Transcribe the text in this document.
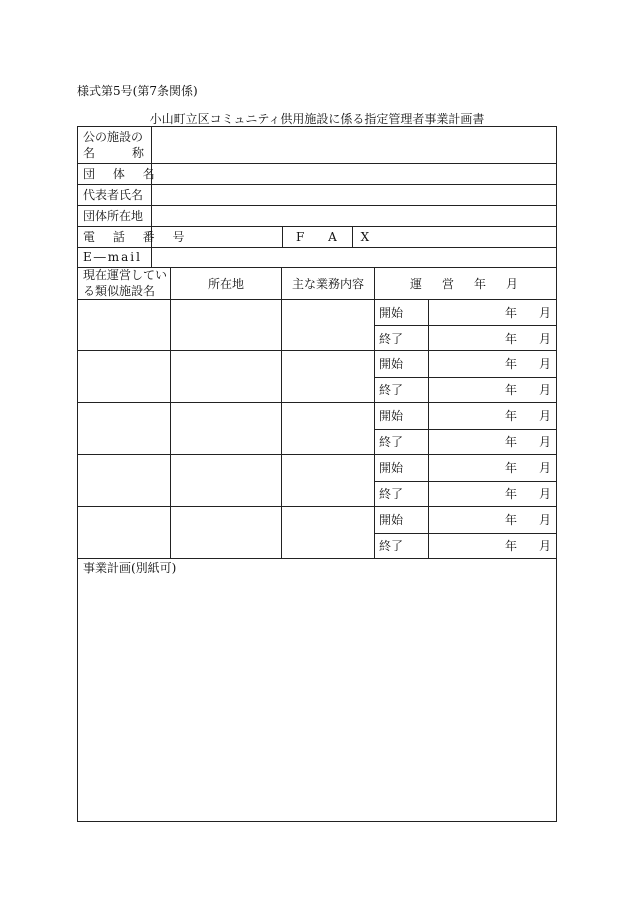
様式第5号(第7条関係)
小山町立区コミュニティ供用施設に係る指定管理者事業計画書
公の施設の
名	称
団 体 名
代表者氏名
団体所在地
電 話 番 号	F A X
E―mail
現在運営してい
る類似施設名	所在地	主な業務内容	運　営　年　月
開始	年 月
終了	年 月
開始	年 月
終了	年 月
開始	年 月
終了	年 月
開始	年 月
終了	年 月
開始	年 月
終了	年 月
事業計画(別紙可)
